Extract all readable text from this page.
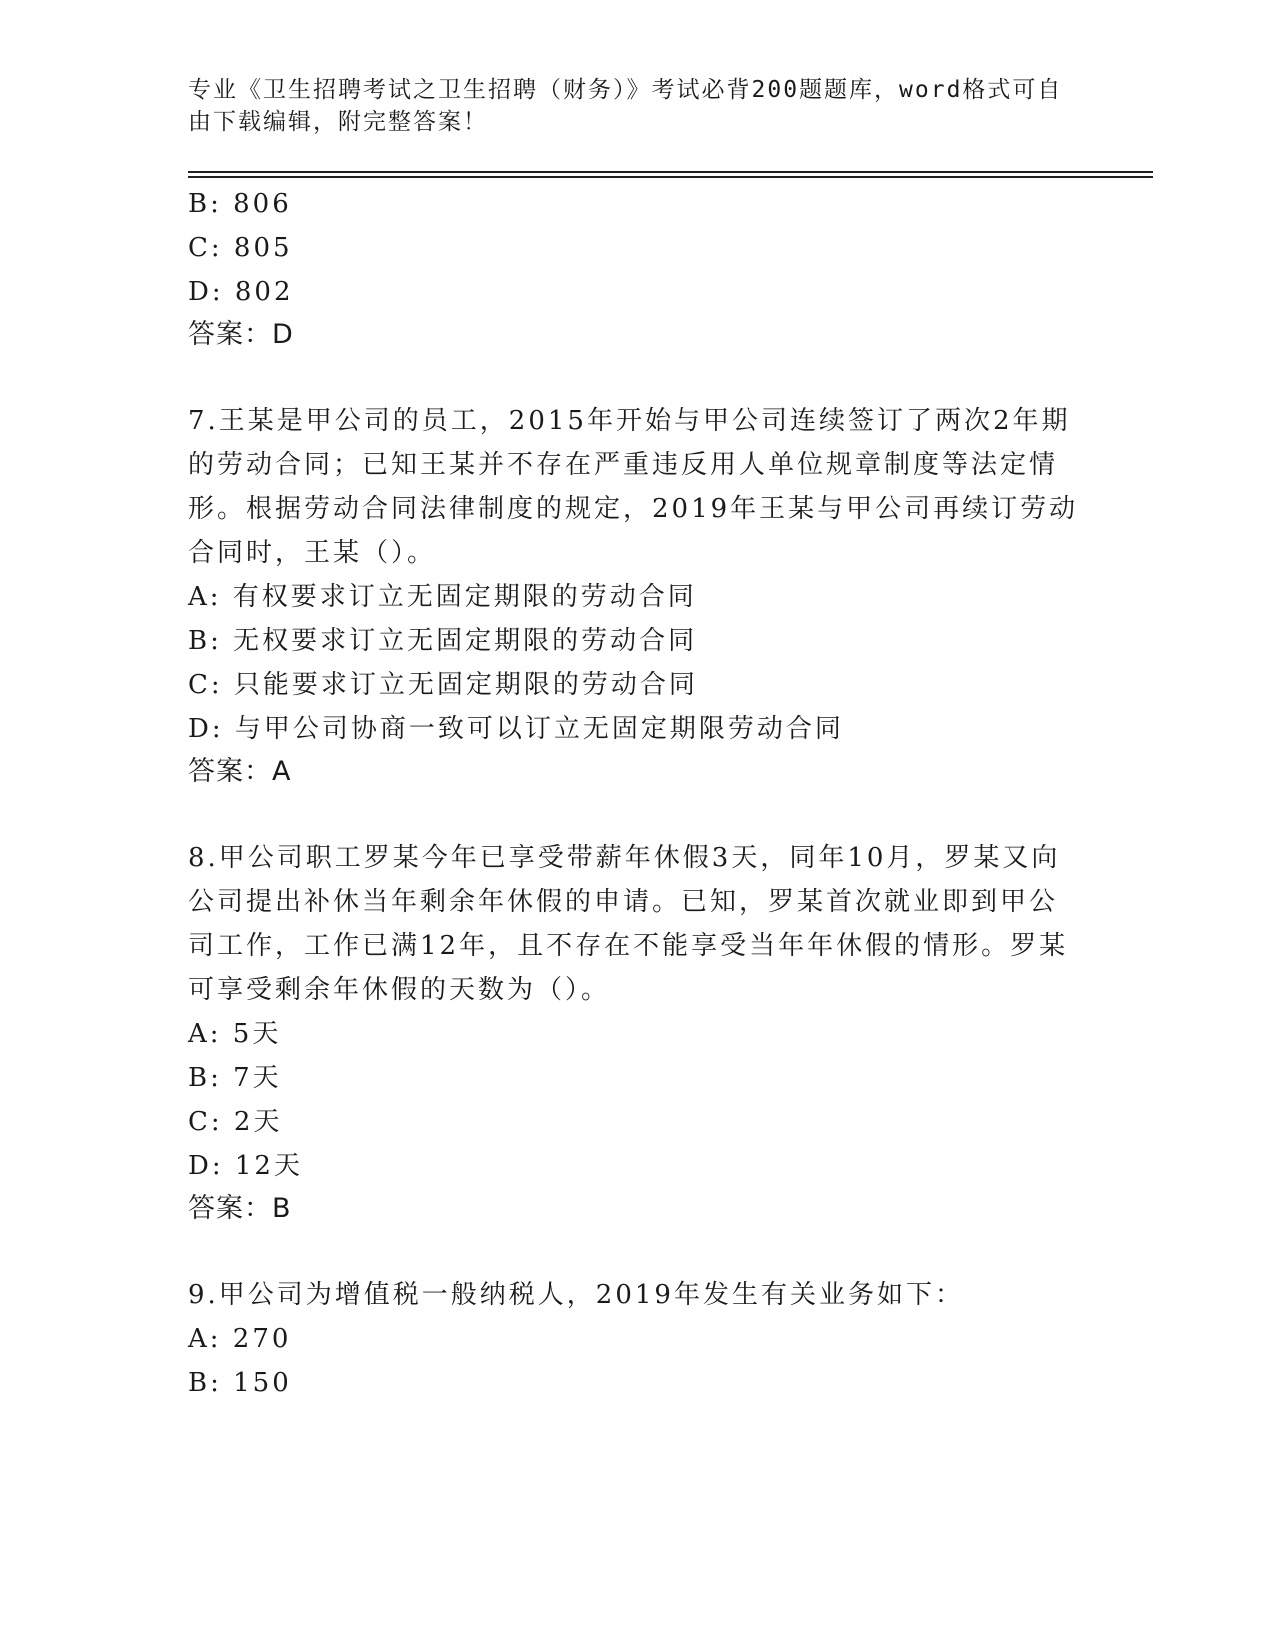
专业《卫生招聘考试之卫生招聘（财务）》考试必背200题题库，word格式可自
由下载编辑，附完整答案！
B: 806
C: 805
D: 802
答案：D
7.王某是甲公司的员工，2015年开始与甲公司连续签订了两次2年期
的劳动合同；已知王某并不存在严重违反用人单位规章制度等法定情
形。根据劳动合同法律制度的规定，2019年王某与甲公司再续订劳动
合同时，王某（）。
A: 有权要求订立无固定期限的劳动合同
B: 无权要求订立无固定期限的劳动合同
C: 只能要求订立无固定期限的劳动合同
D: 与甲公司协商一致可以订立无固定期限劳动合同
答案：A
8.甲公司职工罗某今年已享受带薪年休假3天，同年10月，罗某又向
公司提出补休当年剩余年休假的申请。已知，罗某首次就业即到甲公
司工作，工作已满12年，且不存在不能享受当年年休假的情形。罗某
可享受剩余年休假的天数为（）。
A: 5天
B: 7天
C: 2天
D: 12天
答案：B
9.甲公司为增值税一般纳税人，2019年发生有关业务如下：
A: 270
B: 150
